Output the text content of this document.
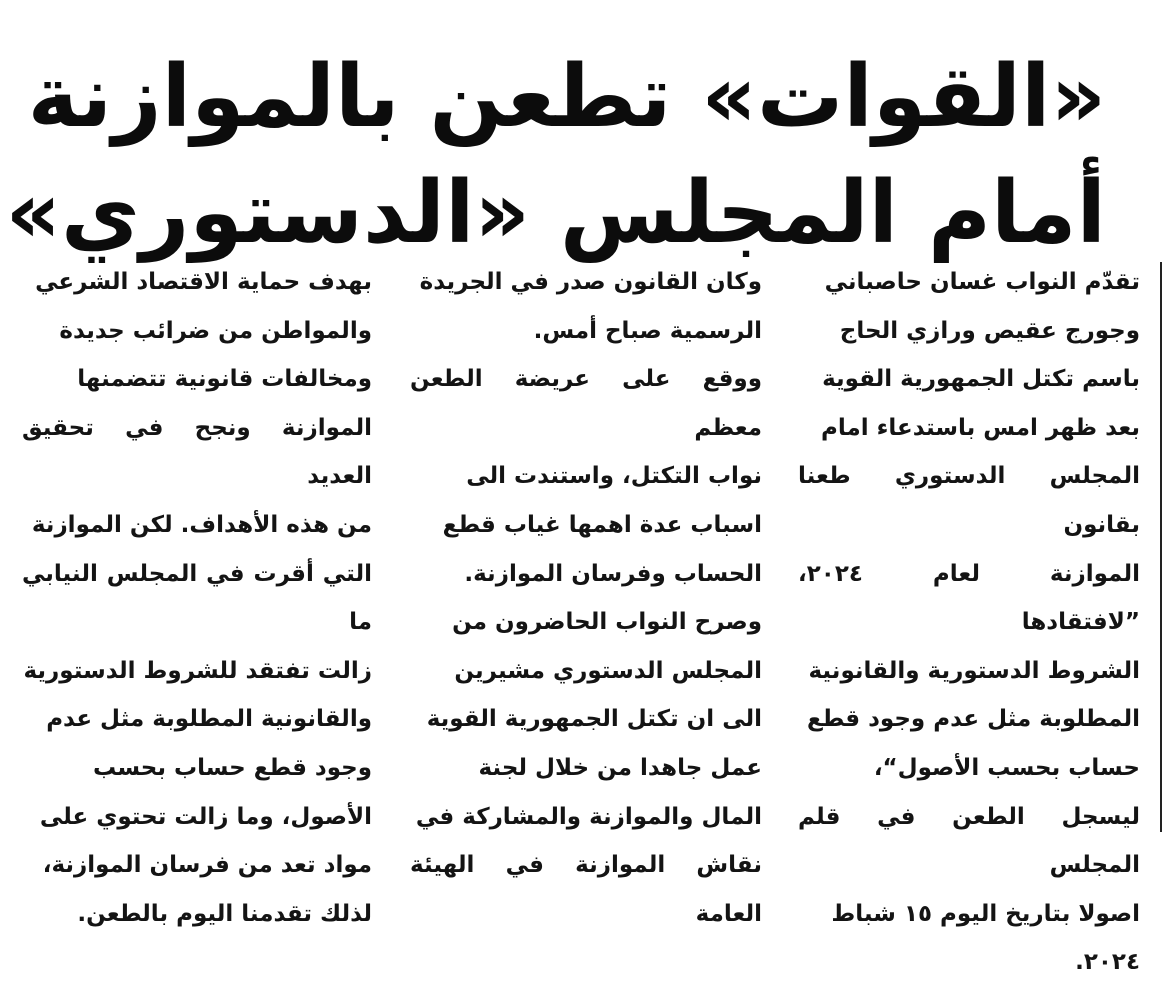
«القوات» تطعن بالموازنة
أمام المجلس «الدستوري»

تقدّم النواب غسان حاصباني
وجورج عقيص ورازي الحاج
باسم تكتل الجمهورية القوية
بعد ظهر امس باستدعاء امام
المجلس الدستوري طعنا بقانون
الموازنة لعام ٢٠٢٤، ”لافتقادها
الشروط الدستورية والقانونية
المطلوبة مثل عدم وجود قطع
حساب بحسب الأصول“،
ليسجل الطعن في قلم المجلس
اصولا بتاريخ اليوم ١٥ شباط
٢٠٢٤.

وكان القانون صدر في الجريدة
الرسمية صباح أمس.

ووقع على عريضة الطعن معظم
نواب التكتل، واستندت الى
اسباب عدة اهمها غياب قطع
الحساب وفرسان الموازنة.

وصرح النواب الحاضرون من
المجلس الدستوري مشيرين
الى ان تكتل الجمهورية القوية
عمل جاهدا من خلال لجنة
المال والموازنة والمشاركة في
نقاش الموازنة في الهيئة العامة

بهدف حماية الاقتصاد الشرعي
والمواطن من ضرائب جديدة
ومخالفات قانونية تتضمنها
الموازنة ونجح في تحقيق العديد
من هذه الأهداف. لكن الموازنة
التي أقرت في المجلس النيابي ما
زالت تفتقد للشروط الدستورية
والقانونية المطلوبة مثل عدم
وجود قطع حساب بحسب
الأصول، وما زالت تحتوي على
مواد تعد من فرسان الموازنة،
لذلك تقدمنا اليوم بالطعن.
